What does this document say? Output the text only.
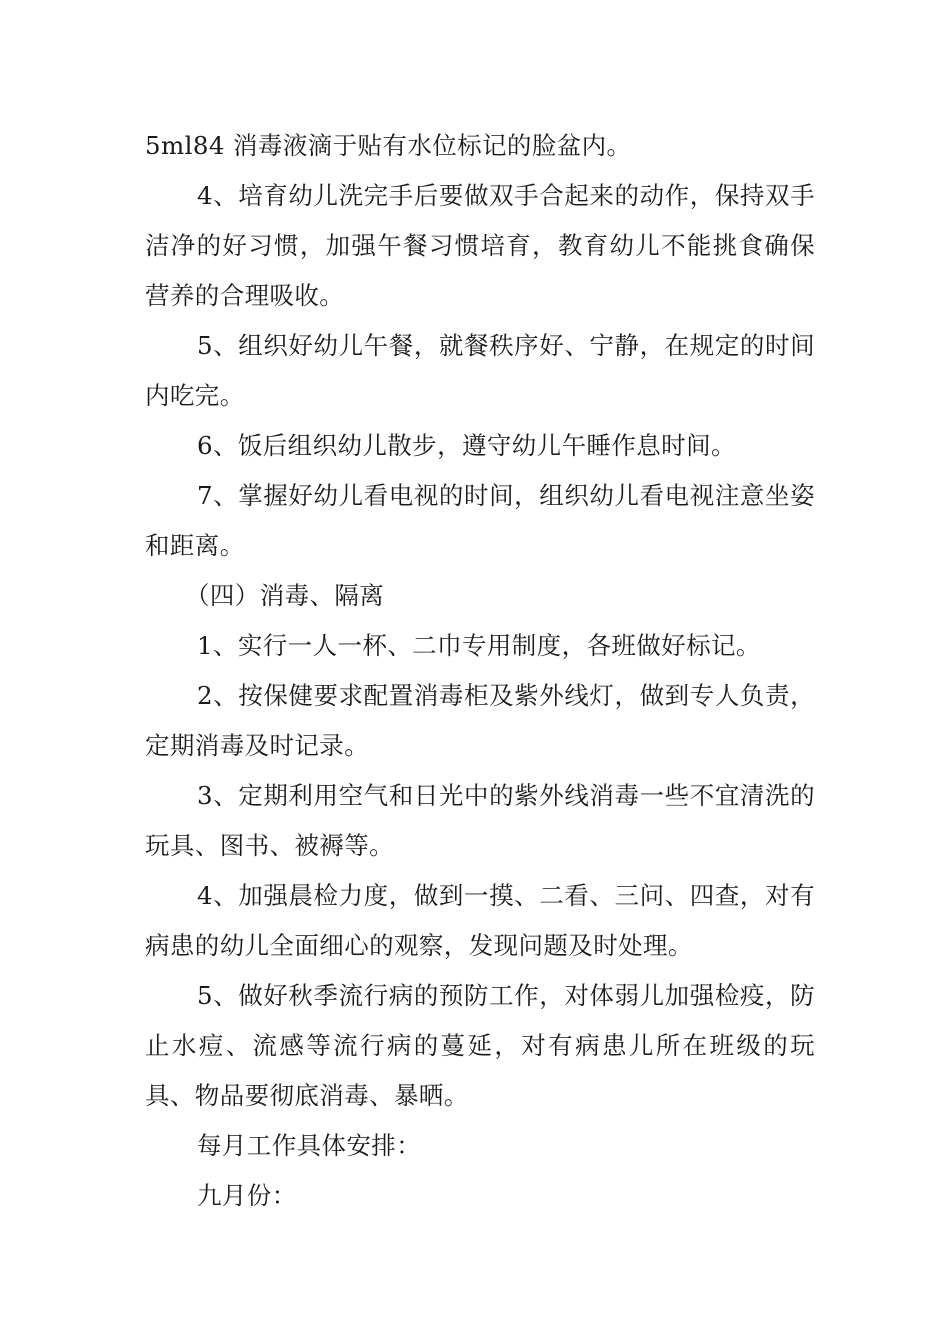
5ml84 消毒液滴于贴有水位标记的脸盆内。

4、培育幼儿洗完手后要做双手合起来的动作，保持双手洁净的好习惯，加强午餐习惯培育，教育幼儿不能挑食确保营养的合理吸收。

5、组织好幼儿午餐，就餐秩序好、宁静，在规定的时间内吃完。

6、饭后组织幼儿散步，遵守幼儿午睡作息时间。

7、掌握好幼儿看电视的时间，组织幼儿看电视注意坐姿和距离。

（四）消毒、隔离

1、实行一人一杯、二巾专用制度，各班做好标记。

2、按保健要求配置消毒柜及紫外线灯，做到专人负责，定期消毒及时记录。

3、定期利用空气和日光中的紫外线消毒一些不宜清洗的玩具、图书、被褥等。

4、加强晨检力度，做到一摸、二看、三问、四查，对有病患的幼儿全面细心的观察，发现问题及时处理。

5、做好秋季流行病的预防工作，对体弱儿加强检疫，防止水痘、流感等流行病的蔓延，对有病患儿所在班级的玩具、物品要彻底消毒、暴晒。

每月工作具体安排：

九月份：
